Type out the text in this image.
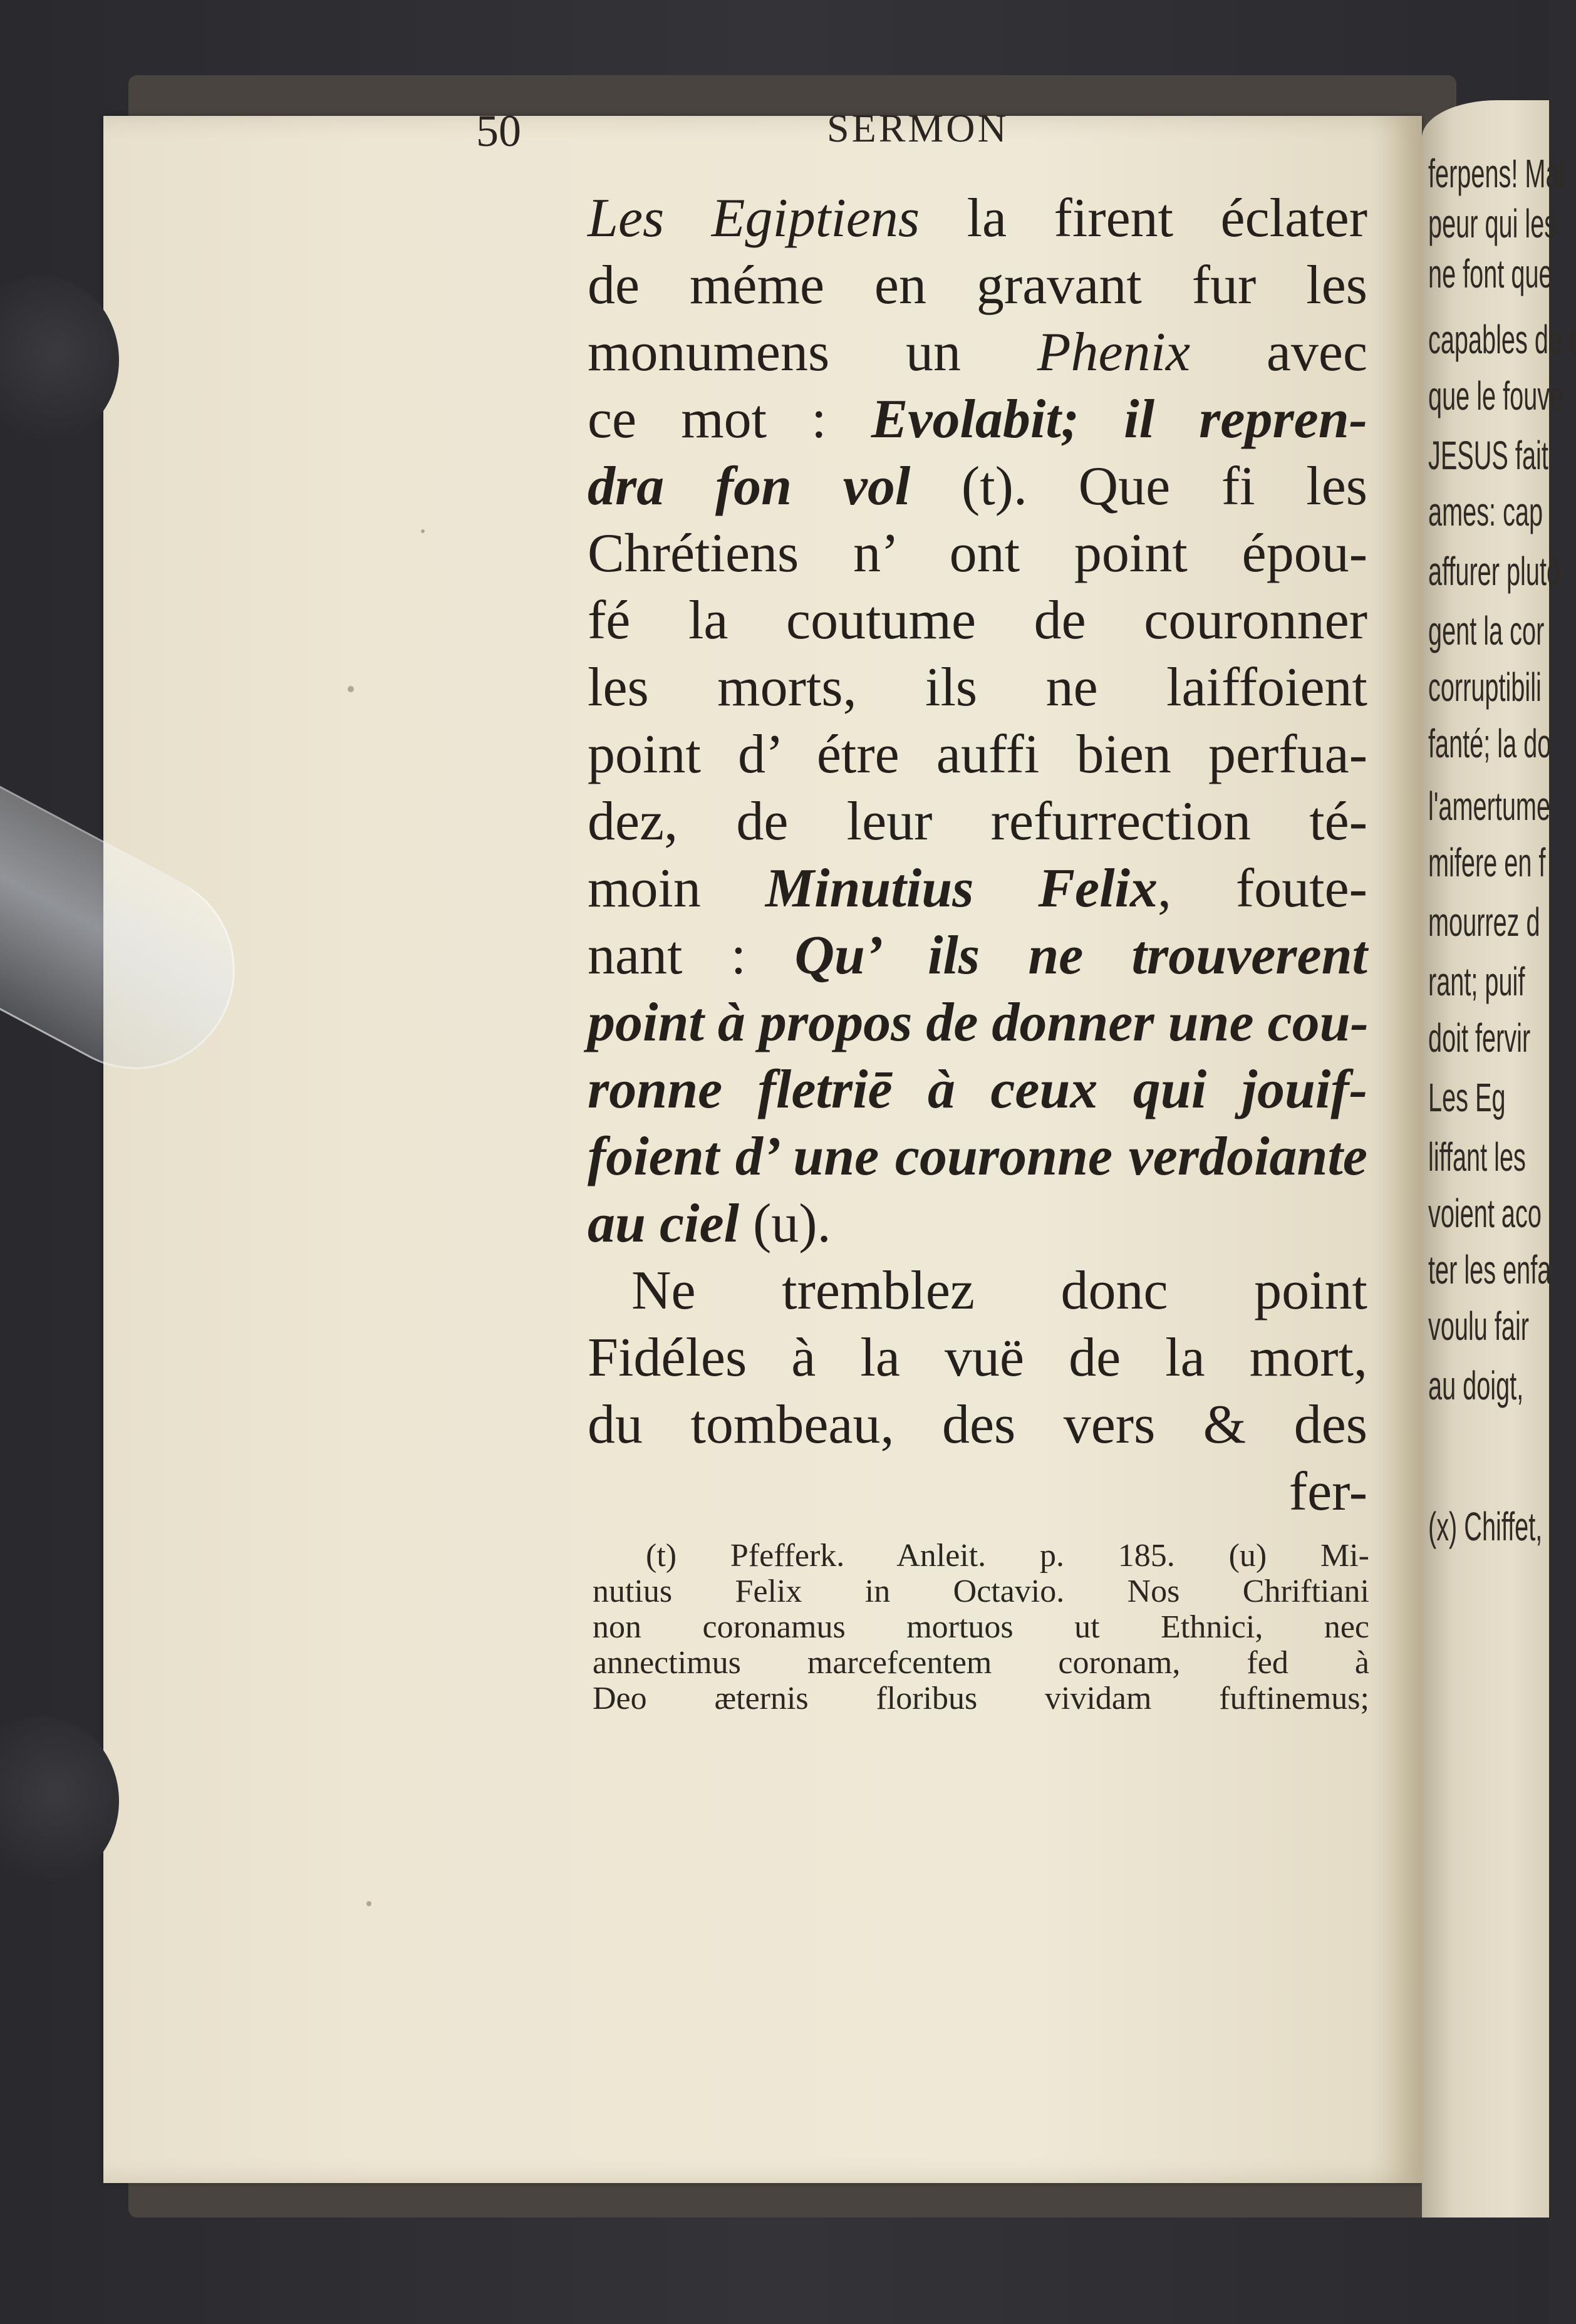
ferpens! Mal
peur qui les
ne font que
capables de t
que le fouve
JESUS fait
ames: cap
affurer plutô
gent la cor
corruptibili
fanté; la do
l'amertume
mifere en f
mourrez d
rant; puif
doit fervir
Les Eg
liffant les
voient aco
ter les enfa
voulu fair
au doigt,
(x) Chiffet,
50	SERMON
Les Egiptiens la firent éclater
de méme en gravant fur les
monumens un Phenix avec
ce mot : Evolabit; il repren-
dra fon vol (t). Que fi les
Chrétiens n’ ont point épou-
fé la coutume de couronner
les morts, ils ne laiffoient
point d’ étre auffi bien perfua-
dez, de leur refurrection té-
moin Minutius Felix, foute-
nant : Qu’ ils ne trouverent
point à propos de donner une cou-
ronne fletriē à ceux qui jouif-
foient d’ une couronne verdoiante
au ciel (u).
Ne tremblez donc point
Fidéles à la vuë de la mort,
du tombeau, des vers & des
fer-
(t) Pfefferk. Anleit. p. 185. (u) Mi-
nutius Felix in Octavio. Nos Chriftiani
non coronamus mortuos ut Ethnici, nec
annectimus marcefcentem coronam, fed à
Deo æternis floribus vividam fuftinemus;
